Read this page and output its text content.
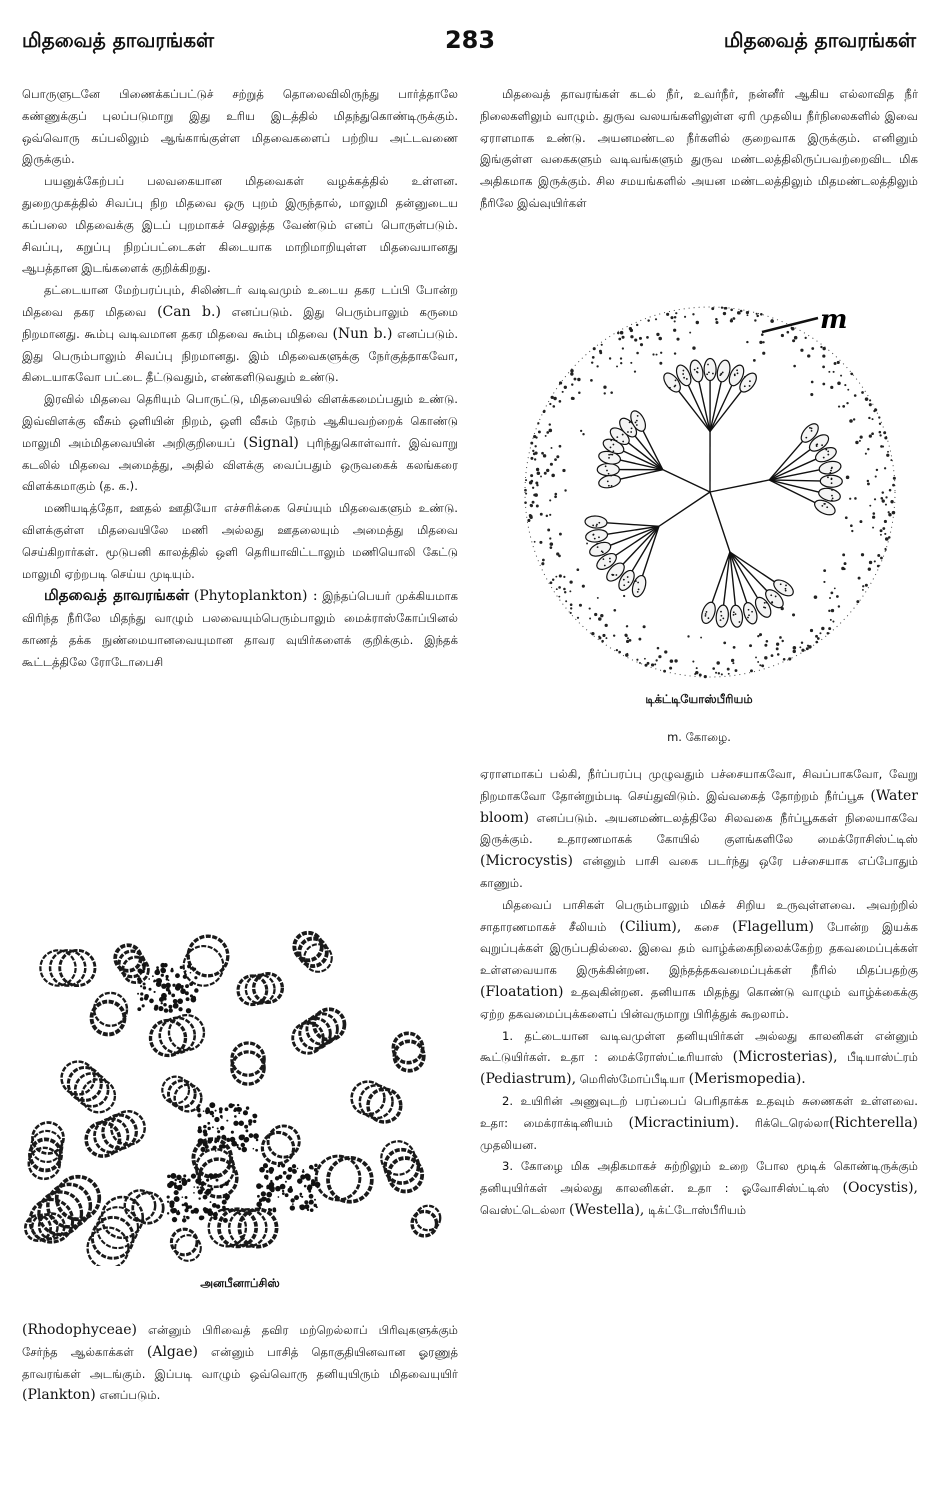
மிதவைத் தாவரங்கள்	283	மிதவைத் தாவரங்கள்

பொருளுடனே பிணைக்கப்பட்டுச் சற்றுத் தொலைவிலிருந்து பார்த்தாலே கண்ணுக்குப் புலப்படுமாறு இது உரிய இடத்தில் மிதந்துகொண்டிருக்கும். ஒவ்வொரு கப்பலிலும் ஆங்காங்குள்ள மிதவைகளைப் பற்றிய அட்டவணை இருக்கும்.

பயனுக்கேற்பப் பலவகையான மிதவைகள் வழக்கத்தில் உள்ளன. துறைமுகத்தில் சிவப்பு நிற மிதவை ஒரு புறம் இருந்தால், மாலுமி தன்னுடைய கப்பலை மிதவைக்கு இடப் புறமாகச் செலுத்த வேண்டும் எனப் பொருள்படும். சிவப்பு, கறுப்பு நிறப்பட்டைகள் கிடையாக மாறிமாறியுள்ள மிதவையானது ஆபத்தான இடங்களைக் குறிக்கிறது.

தட்டையான மேற்பரப்பும், சிலிண்டர் வடிவமும் உடைய தகர டப்பி போன்ற மிதவை தகர மிதவை (Can b.) எனப்படும். இது பெரும்பாலும் கருமை நிறமானது. கூம்பு வடிவமான தகர மிதவை கூம்பு மிதவை (Nun b.) எனப்படும். இது பெரும்பாலும் சிவப்பு நிறமானது. இம் மிதவைகளுக்கு நேர்குத்தாகவோ, கிடையாகவோ பட்டை தீட்டுவதும், எண்களிடுவதும் உண்டு.

இரவில் மிதவை தெரியும் பொருட்டு, மிதவையில் விளக்கமைப்பதும் உண்டு. இவ்விளக்கு வீசும் ஒளியின் நிறம், ஒளி வீசும் நேரம் ஆகியவற்றைக் கொண்டு மாலுமி அம்மிதவையின் அறிகுறியைப் (Signal) புரிந்துகொள்வார். இவ்வாறு கடலில் மிதவை அமைத்து, அதில் விளக்கு வைப்பதும் ஒருவகைக் கலங்கரை விளக்கமாகும் (த. க.).

மணியடித்தோ, ஊதல் ஊதியோ எச்சரிக்கை செய்யும் மிதவைகளும் உண்டு. விளக்குள்ள மிதவையிலே மணி அல்லது ஊதலையும் அமைத்து மிதவை செய்கிறார்கள். மூடுபனி காலத்தில் ஒளி தெரியாவிட்டாலும் மணியொலி கேட்டு மாலுமி ஏற்றபடி செய்ய முடியும்.

மிதவைத் தாவரங்கள் (Phytoplankton) : இந்தப்பெயர் முக்கியமாக விரிந்த நீரிலே மிதந்து வாழும் பலவையும்பெரும்பாலும் மைக்ராஸ்கோப்பினல் காணத் தக்க நுண்மையானவையுமான தாவர வுயிர்களைக் குறிக்கும். இந்தக் கூட்டத்திலே ரோடோபைசி

அனபீனாப்சிஸ்

(Rhodophyceae) என்னும் பிரிவைத் தவிர மற்றெல்லாப் பிரிவுகளுக்கும் சேர்ந்த ஆல்காக்கள் (Algae) என்னும் பாசித் தொகுதியினவான ஓரணுத் தாவரங்கள் அடங்கும். இப்படி வாழும் ஒவ்வொரு தனியுயிரும் மிதவையுயிர் (Plankton) எனப்படும்.

மிதவைத் தாவரங்கள் கடல் நீர், உவர்நீர், நன்னீர் ஆகிய எல்லாவித நீர் நிலைகளிலும் வாழும். துருவ வலயங்களிலுள்ள ஏரி முதலிய நீர்நிலைகளில் இவை ஏராளமாக உண்டு. அயனமண்டல நீர்களில் குறைவாக இருக்கும். எனினும் இங்குள்ள வகைகளும் வடிவங்களும் துருவ மண்டலத்திலிருப்பவற்றைவிட மிக அதிகமாக இருக்கும். சில சமயங்களில் அயன மண்டலத்திலும் மிதமண்டலத்திலும் நீரிலே இவ்வுயிர்கள்

m
டிக்ட்டியோஸ்பீரியம்
m. கோழை.

ஏராளமாகப் பல்கி, நீர்ப்பரப்பு முழுவதும் பச்சையாகவோ, சிவப்பாகவோ, வேறு நிறமாகவோ தோன்றும்படி செய்துவிடும். இவ்வகைத் தோற்றம் நீர்ப்பூசு (Water bloom) எனப்படும். அயனமண்டலத்திலே சிலவகை நீர்ப்பூசுகள் நிலையாகவே இருக்கும். உதாரணமாகக் கோயில் குளங்களிலே மைக்ரோசிஸ்ட்டிஸ் (Microcystis) என்னும் பாசி வகை படர்ந்து ஒரே பச்சையாக எப்போதும் காணும்.

மிதவைப் பாசிகள் பெரும்பாலும் மிகச் சிறிய உருவுள்ளவை. அவற்றில் சாதாரணமாகச் சீலியம் (Cilium), கசை (Flagellum) போன்ற இயக்க வுறுப்புக்கள் இருப்பதில்லை. இவை தம் வாழ்க்கைநிலைக்கேற்ற தகவமைப்புக்கள் உள்ளவையாக இருக்கின்றன. இந்தத்தகவமைப்புக்கள் நீரில் மிதப்பதற்கு (Floatation) உதவுகின்றன. தனியாக மிதந்து கொண்டு வாழும் வாழ்க்கைக்கு ஏற்ற தகவமைப்புக்களைப் பின்வருமாறு பிரித்துக் கூறலாம்.

1. தட்டையான வடிவமுள்ள தனியுயிர்கள் அல்லது காலனிகள் என்னும் கூட்டுயிர்கள். உதா : மைக்ரோஸ்ட்டீரியாஸ் (Microsterias), பீடியாஸ்ட்ரம் (Pediastrum), மெரிஸ்மோப்பீடியா (Merismopedia).

2. உயிரின் அணுவுடற் பரப்பைப் பெரிதாக்க உதவும் சுணைகள் உள்ளவை. உதா: மைக்ராக்டினியம் (Micractinium). ரிக்டெரெல்லா(Richterella) முதலியன.

3. கோழை மிக அதிகமாகச் சுற்றிலும் உறை போல மூடிக் கொண்டிருக்கும் தனியுயிர்கள் அல்லது காலனிகள். உதா : ஓவோசிஸ்ட்டிஸ் (Oocystis), வெஸ்ட்டெல்லா (Westella), டிக்ட்டோஸ்பீரியம்
